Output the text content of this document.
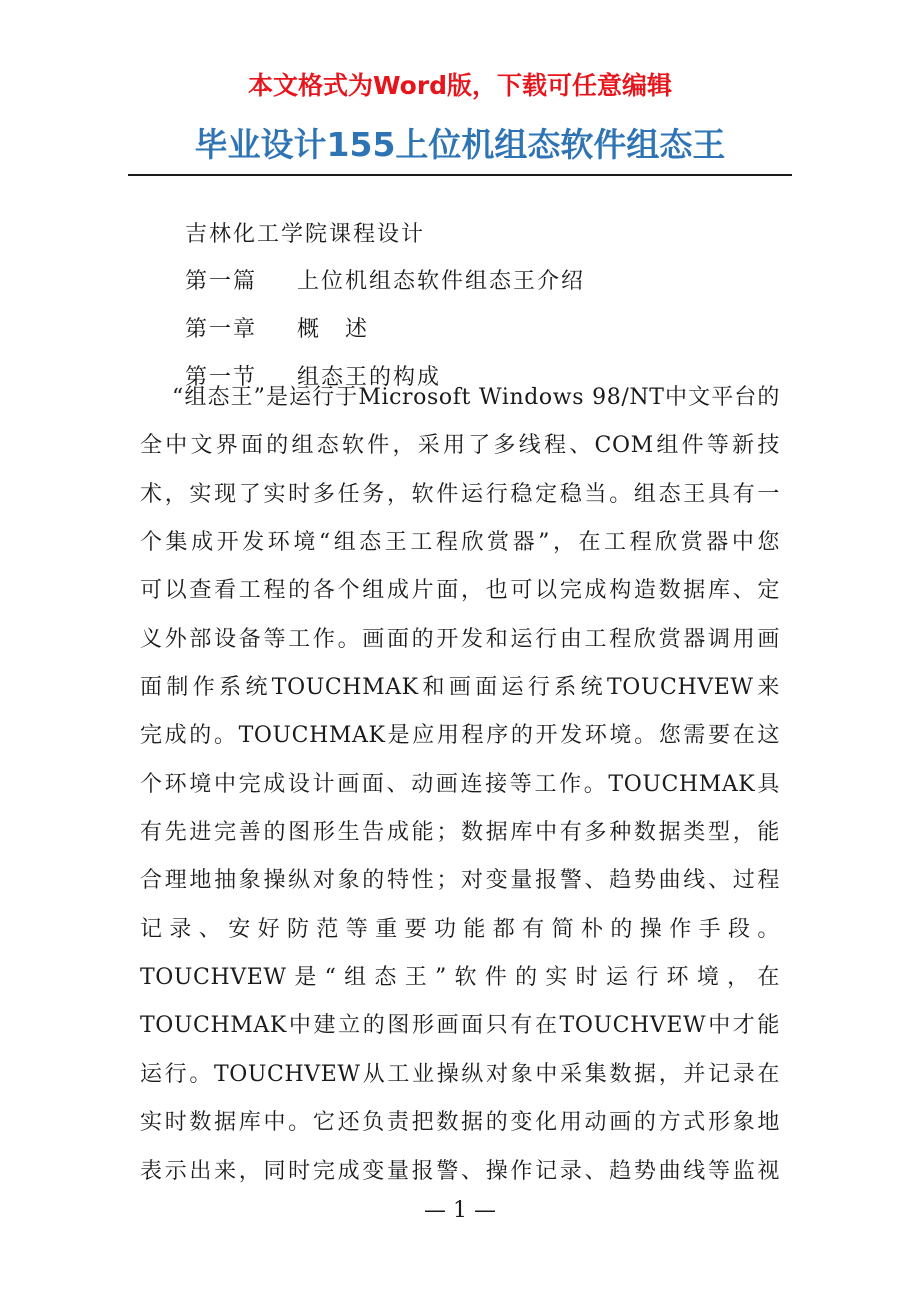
本文格式为Word版，下载可任意编辑
毕业设计155上位机组态软件组态王

吉林化工学院课程设计

第一篇 上位机组态软件组态王介绍

第一章 概　述

第一节 组态王的构成

“组态王”是运行于Microsoft Windows 98/NT中文平台的
全中文界面的组态软件，采用了多线程、COM组件等新技
术，实现了实时多任务，软件运行稳定稳当。组态王具有一
个集成开发环境“组态王工程欣赏器”，在工程欣赏器中您
可以查看工程的各个组成片面，也可以完成构造数据库、定
义外部设备等工作。画面的开发和运行由工程欣赏器调用画
面制作系统TOUCHMAK和画面运行系统TOUCHVEW来
完成的。TOUCHMAK是应用程序的开发环境。您需要在这
个环境中完成设计画面、动画连接等工作。TOUCHMAK具
有先进完善的图形生告成能；数据库中有多种数据类型，能
合理地抽象操纵对象的特性；对变量报警、趋势曲线、过程
记录、安好防范等重要功能都有简朴的操作手段。
TOUCHVEW是“组态王”软件的实时运行环境，在
TOUCHMAK中建立的图形画面只有在TOUCHVEW中才能
运行。TOUCHVEW从工业操纵对象中采集数据，并记录在
实时数据库中。它还负责把数据的变化用动画的方式形象地
表示出来，同时完成变量报警、操作记录、趋势曲线等监视
— 1 —
